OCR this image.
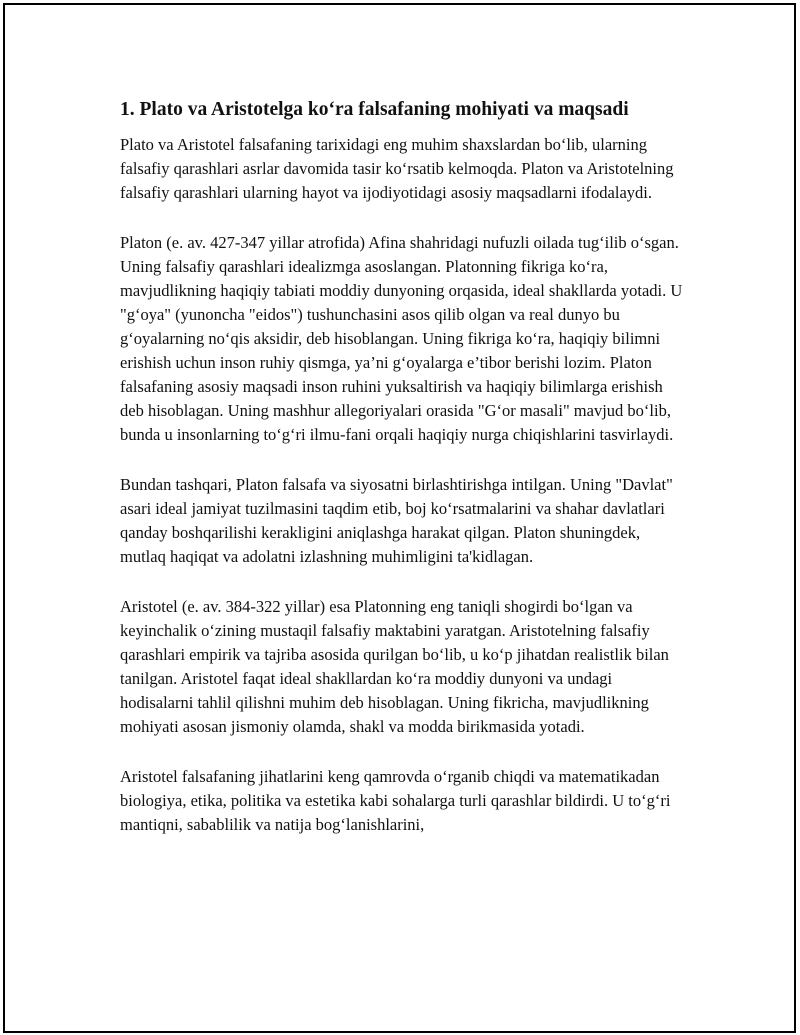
1. Plato va Aristotelga ko‘ra falsafaning mohiyati va maqsadi

Plato va Aristotel falsafaning tarixidagi eng muhim shaxslardan bo‘lib, ularning falsafiy qarashlari asrlar davomida tasir ko‘rsatib kelmoqda. Platon va Aristotelning falsafiy qarashlari ularning hayot va ijodiyotidagi asosiy maqsadlarni ifodalaydi.

Platon (e. av. 427-347 yillar atrofida) Afina shahridagi nufuzli oilada tug‘ilib o‘sgan. Uning falsafiy qarashlari idealizmga asoslangan. Platonning fikriga ko‘ra, mavjudlikning haqiqiy tabiati moddiy dunyoning orqasida, ideal shakllarda yotadi. U "g‘oya" (yunoncha "eidos") tushunchasini asos qilib olgan va real dunyo bu g‘oyalarning no‘qis aksidir, deb hisoblangan. Uning fikriga ko‘ra, haqiqiy bilimni erishish uchun inson ruhiy qismga, ya’ni g‘oyalarga e’tibor berishi lozim. Platon falsafaning asosiy maqsadi inson ruhini yuksaltirish va haqiqiy bilimlarga erishish deb hisoblagan. Uning mashhur allegoriyalari orasida "G‘or masali" mavjud bo‘lib, bunda u insonlarning to‘g‘ri ilmu-fani orqali haqiqiy nurga chiqishlarini tasvirlaydi.

Bundan tashqari, Platon falsafa va siyosatni birlashtirishga intilgan. Uning "Davlat" asari ideal jamiyat tuzilmasini taqdim etib, boj ko‘rsatmalarini va shahar davlatlari qanday boshqarilishi kerakligini aniqlashga harakat qilgan. Platon shuningdek, mutlaq haqiqat va adolatni izlashning muhimligini ta'kidlagan.

Aristotel (e. av. 384-322 yillar) esa Platonning eng taniqli shogirdi bo‘lgan va keyinchalik o‘zining mustaqil falsafiy maktabini yaratgan. Aristotelning falsafiy qarashlari empirik va tajriba asosida qurilgan bo‘lib, u ko‘p jihatdan realistlik bilan tanilgan. Aristotel faqat ideal shakllardan ko‘ra moddiy dunyoni va undagi hodisalarni tahlil qilishni muhim deb hisoblagan. Uning fikricha, mavjudlikning mohiyati asosan jismoniy olamda, shakl va modda birikmasida yotadi.

Aristotel falsafaning jihatlarini keng qamrovda o‘rganib chiqdi va matematikadan biologiya, etika, politika va estetika kabi sohalarga turli qarashlar bildirdi. U to‘g‘ri mantiqni, sabablilik va natija bog‘lanishlarini,
